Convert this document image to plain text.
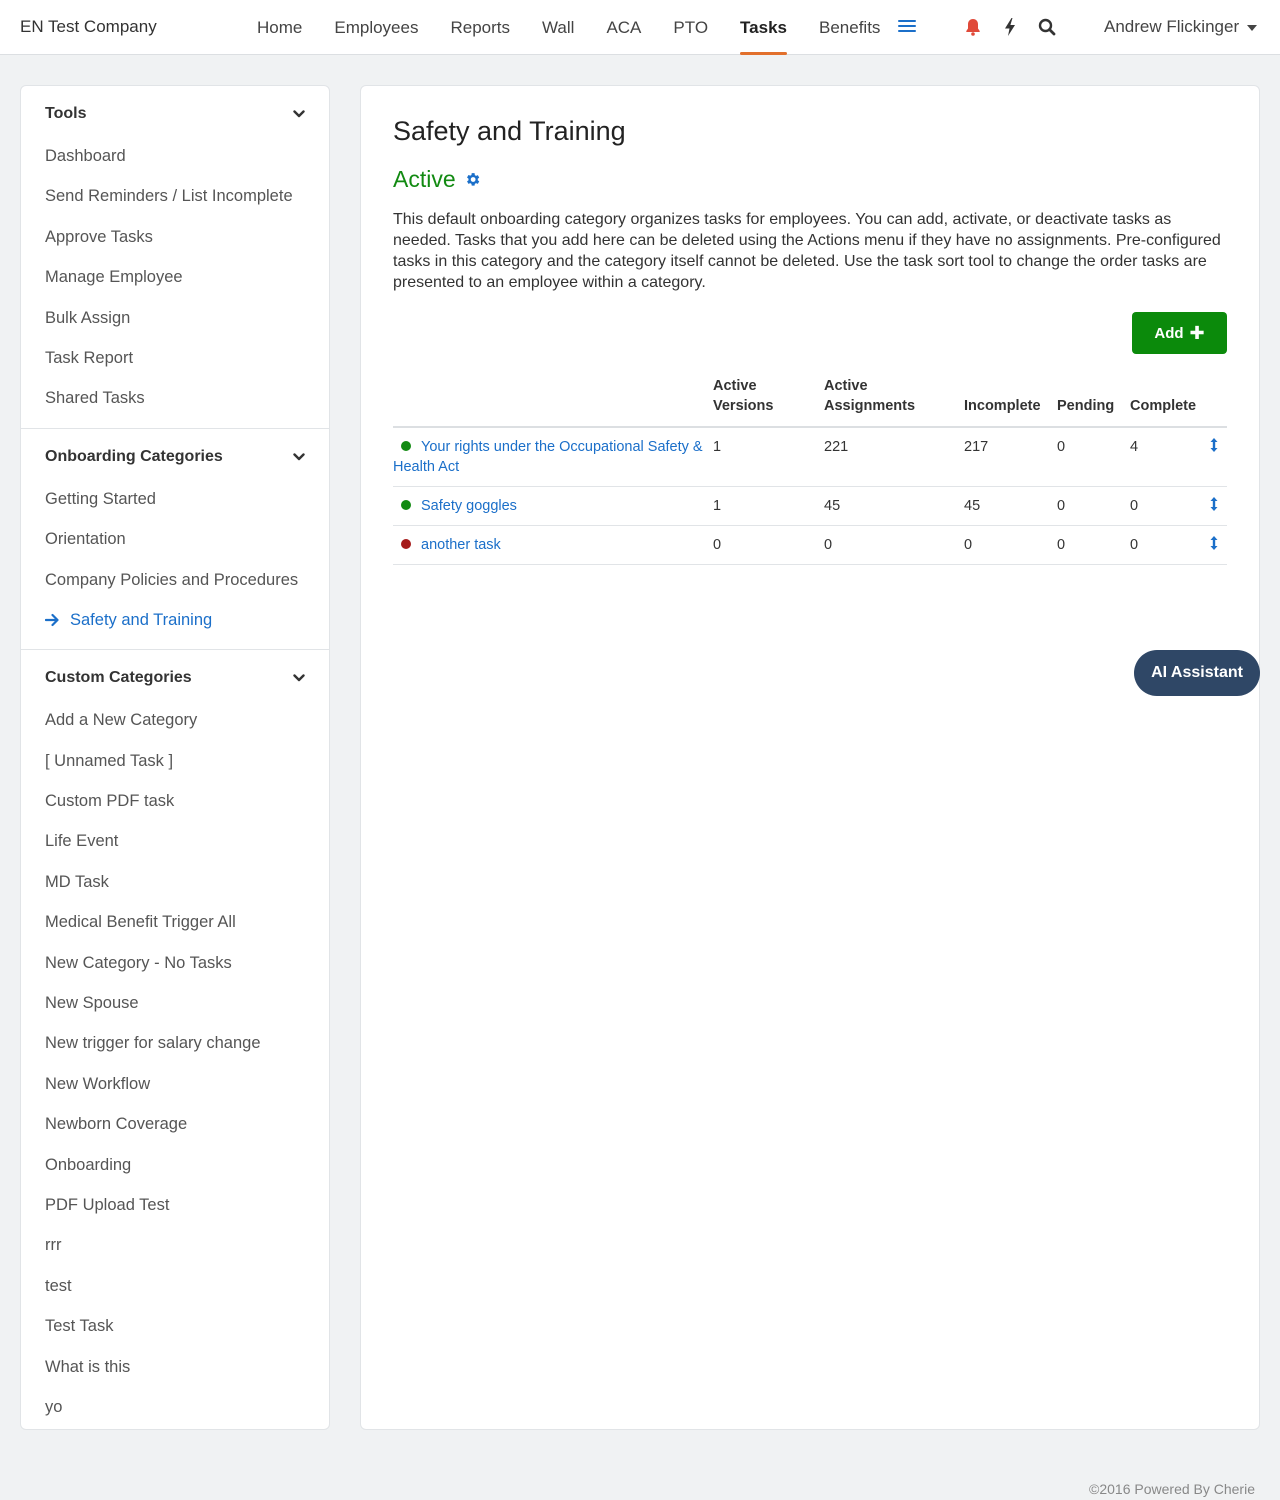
EN Test Company	Home	Employees	Reports	Wall	ACA	PTO	Tasks	Benefits	Andrew Flickinger
Tools
Dashboard
Send Reminders / List Incomplete
Approve Tasks
Manage Employee
Bulk Assign
Task Report
Shared Tasks
Onboarding Categories
Getting Started
Orientation
Company Policies and Procedures
Safety and Training
Custom Categories
Add a New Category
[ Unnamed Task ]
Custom PDF task
Life Event
MD Task
Medical Benefit Trigger All
New Category - No Tasks
New Spouse
New trigger for salary change
New Workflow
Newborn Coverage
Onboarding
PDF Upload Test
rrr
test
Test Task
What is this
yo
Safety and Training
Active

This default onboarding category organizes tasks for employees. You can add, activate, or deactivate tasks as needed. Tasks that you add here can be deleted using the Actions menu if they have no assignments. Pre-configured tasks in this category and the category itself cannot be deleted. Use the task sort tool to change the order tasks are presented to an employee within a category.

Add ✚
	Active Versions	Active Assignments	Incomplete	Pending	Complete	
Your rights under the Occupational Safety & Health Act	1	221	217	0	4	

Safety goggles	1	45	45	0	0	

another task	0	0	0	0	0	
AI Assistant
©2016 Powered By Cherie
